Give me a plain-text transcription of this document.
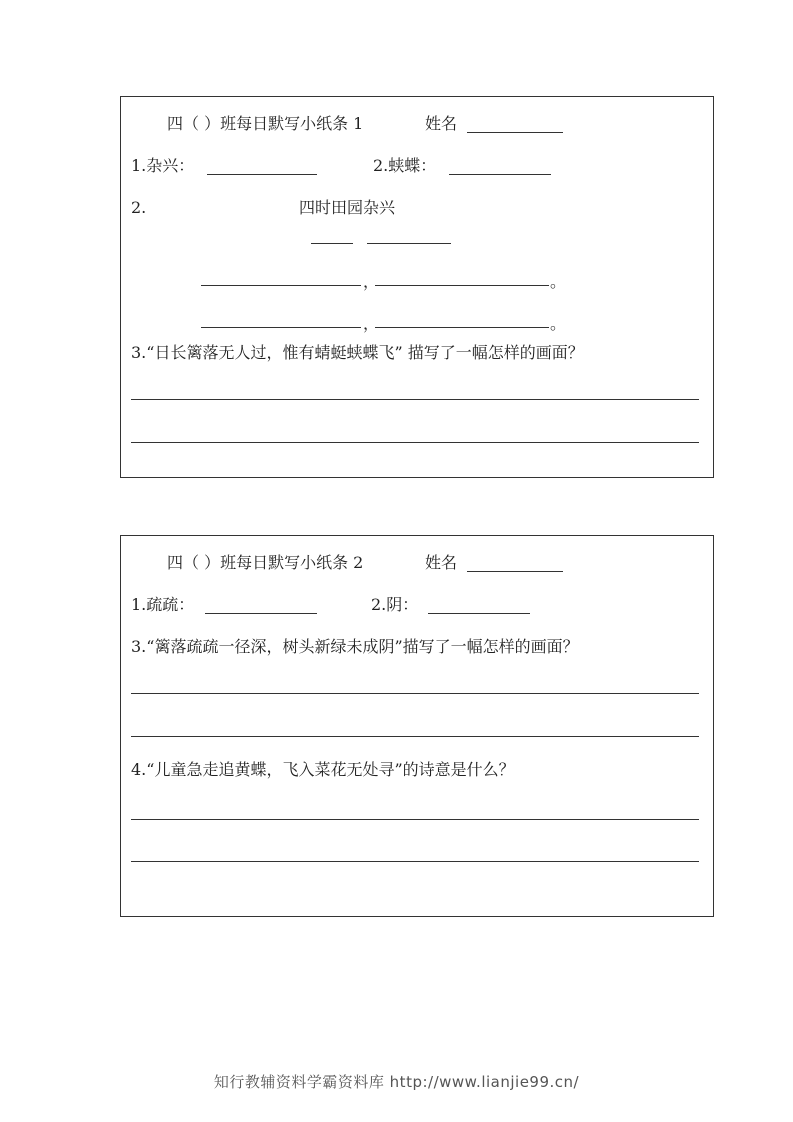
四（ ）班每日默写小纸条 1	姓名
1.杂兴：	2.蛱蝶：
2.	四时田园杂兴
，	。
，	。
3.“日长篱落无人过，惟有蜻蜓蛱蝶飞” 描写了一幅怎样的画面？
四（ ）班每日默写小纸条 2	姓名
1.疏疏：	2.阴：
3.“篱落疏疏一径深，树头新绿未成阴”描写了一幅怎样的画面？
4.“儿童急走追黄蝶，飞入菜花无处寻”的诗意是什么？
知行教辅资料学霸资料库 http://www.lianjie99.cn/
